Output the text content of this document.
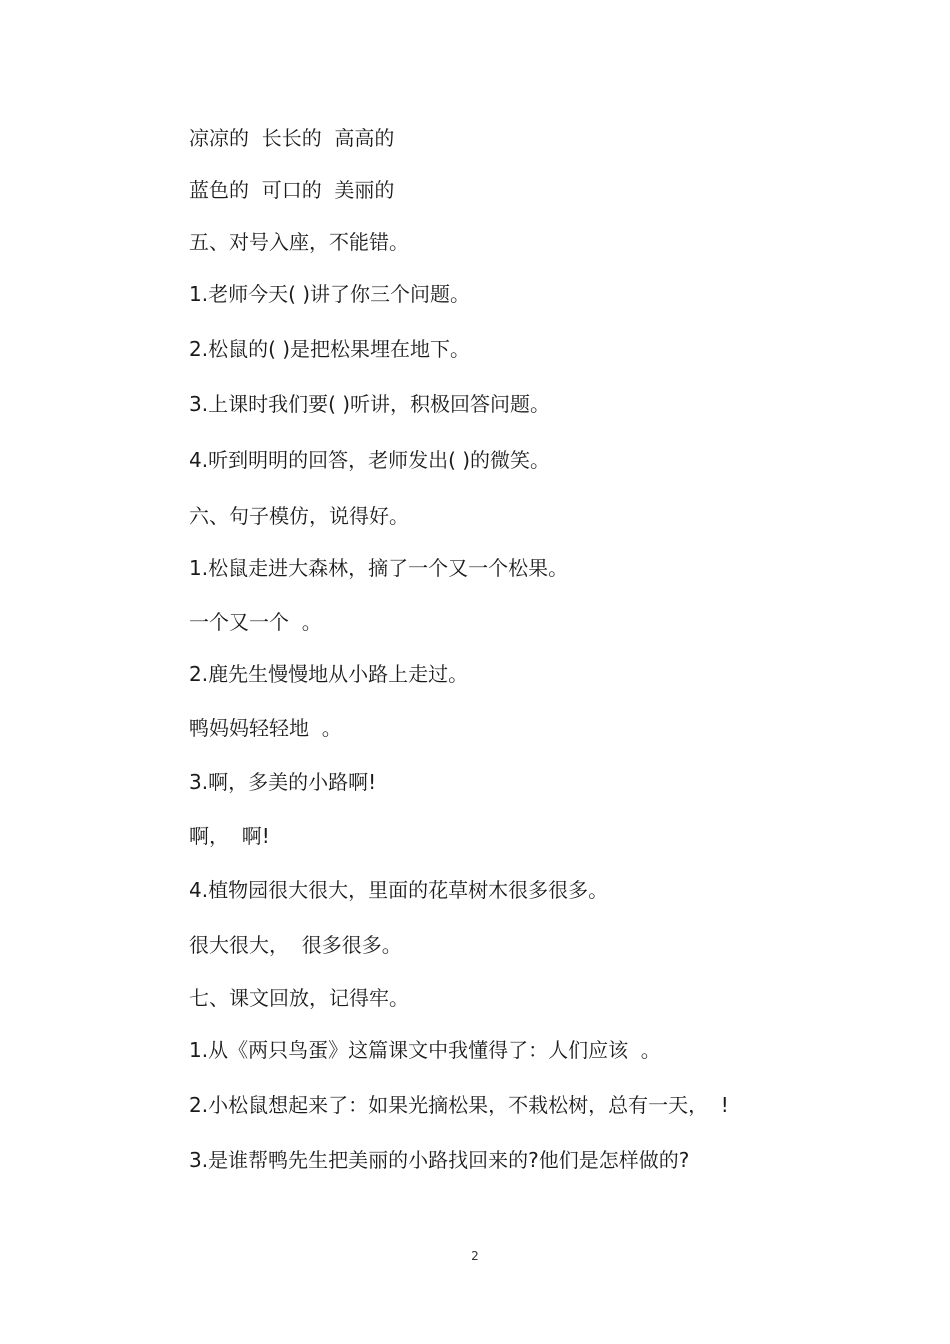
凉凉的  长长的  高高的
蓝色的  可口的  美丽的
五、对号入座，不能错。
1.老师今天( )讲了你三个问题。
2.松鼠的( )是把松果埋在地下。
3.上课时我们要( )听讲，积极回答问题。
4.听到明明的回答，老师发出( )的微笑。
六、句子模仿，说得好。
1.松鼠走进大森林，摘了一个又一个松果。
一个又一个  。
2.鹿先生慢慢地从小路上走过。
鸭妈妈轻轻地  。
3.啊，多美的小路啊!
啊，  啊!
4.植物园很大很大，里面的花草树木很多很多。
很大很大，  很多很多。
七、课文回放，记得牢。
1.从《两只鸟蛋》这篇课文中我懂得了：人们应该  。
2.小松鼠想起来了：如果光摘松果，不栽松树，总有一天，  !
3.是谁帮鸭先生把美丽的小路找回来的?他们是怎样做的?
2
